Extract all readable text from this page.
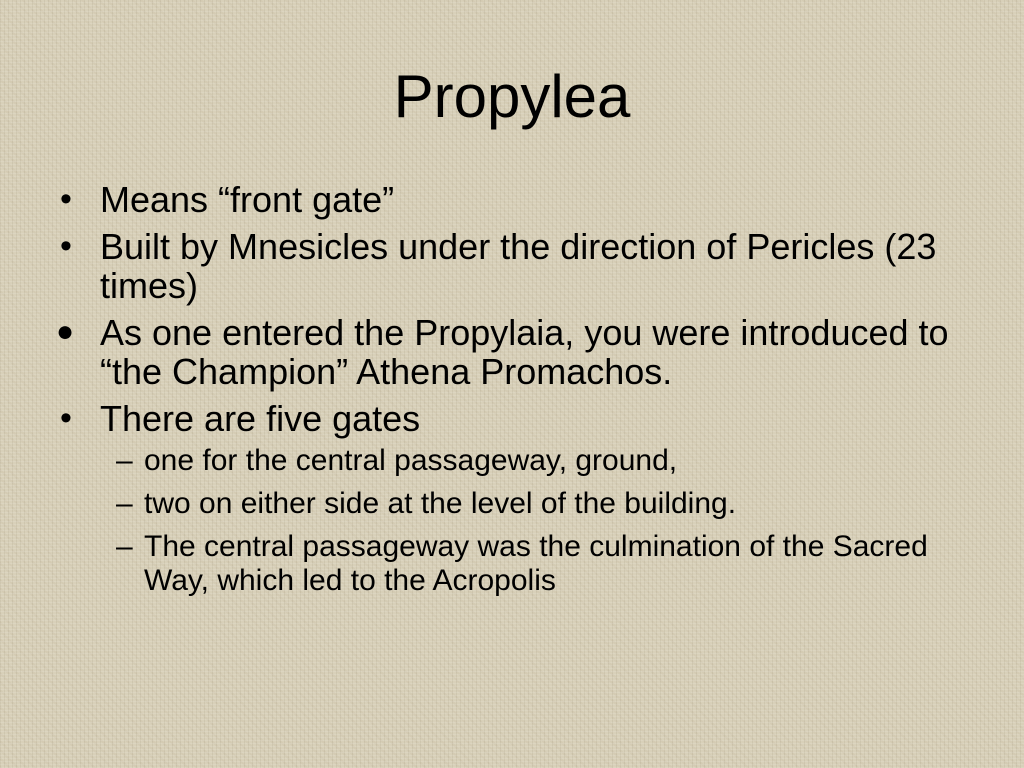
Propylea
• Means “front gate”
• Built by Mnesicles under the direction of Pericles (23 times)
● As one entered the Propylaia, you were introduced to “the Champion” Athena Promachos.
• There are five gates
– one for the central passageway, ground,
– two on either side at the level of the building.
– The central passageway was the culmination of the Sacred Way, which led to the Acropolis
